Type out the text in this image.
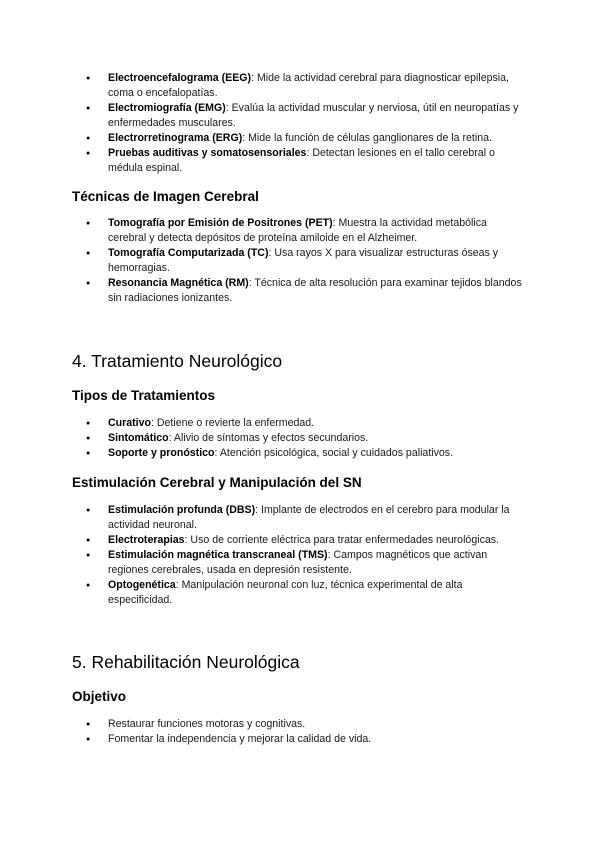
● Electroencefalograma (EEG): Mide la actividad cerebral para diagnosticar epilepsia, coma o encefalopatías.
● Electromiografía (EMG): Evalúa la actividad muscular y nerviosa, útil en neuropatías y enfermedades musculares.
● Electrorretinograma (ERG): Mide la función de células ganglionares de la retina.
● Pruebas auditivas y somatosensoriales: Detectan lesiones en el tallo cerebral o médula espinal.
Técnicas de Imagen Cerebral
● Tomografía por Emisión de Positrones (PET): Muestra la actividad metabólica cerebral y detecta depósitos de proteína amiloide en el Alzheimer.
● Tomografía Computarizada (TC): Usa rayos X para visualizar estructuras óseas y hemorragias.
● Resonancia Magnética (RM): Técnica de alta resolución para examinar tejidos blandos sin radiaciones ionizantes.
4. Tratamiento Neurológico
Tipos de Tratamientos
● Curativo: Detiene o revierte la enfermedad.
● Sintomático: Alivio de síntomas y efectos secundarios.
● Soporte y pronóstico: Atención psicológica, social y cuidados paliativos.
Estimulación Cerebral y Manipulación del SN
● Estimulación profunda (DBS): Implante de electrodos en el cerebro para modular la actividad neuronal.
● Electroterapias: Uso de corriente eléctrica para tratar enfermedades neurológicas.
● Estimulación magnética transcraneal (TMS): Campos magnéticos que activan regiones cerebrales, usada en depresión resistente.
● Optogenética: Manipulación neuronal con luz, técnica experimental de alta especificidad.
5. Rehabilitación Neurológica
Objetivo
● Restaurar funciones motoras y cognitivas.
● Fomentar la independencia y mejorar la calidad de vida.
